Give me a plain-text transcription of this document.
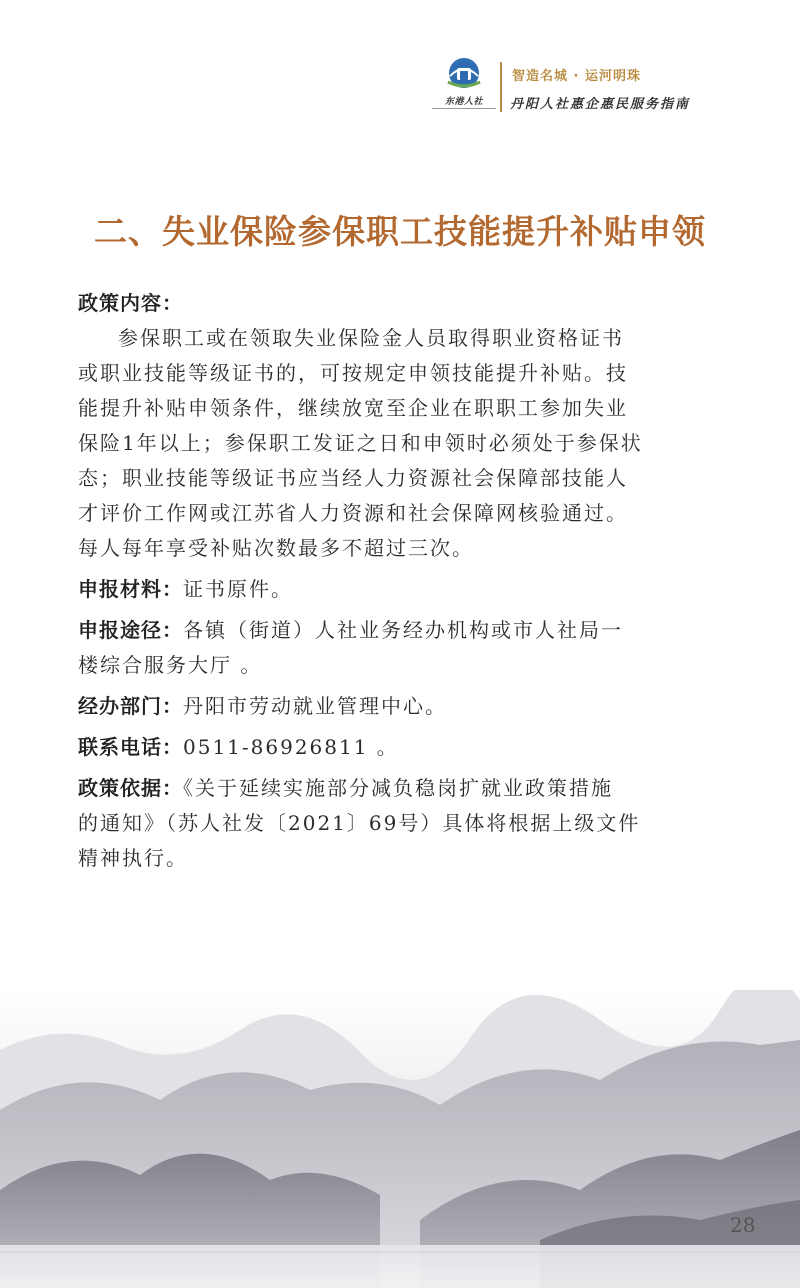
东港人社

智造名城 · 运河明珠
丹阳人社惠企惠民服务指南
二、失业保险参保职工技能提升补贴申领

政策内容：

参保职工或在领取失业保险金人员取得职业资格证书
或职业技能等级证书的，可按规定申领技能提升补贴。技
能提升补贴申领条件，继续放宽至企业在职职工参加失业
保险1年以上；参保职工发证之日和申领时必须处于参保状
态；职业技能等级证书应当经人力资源社会保障部技能人
才评价工作网或江苏省人力资源和社会保障网核验通过。
每人每年享受补贴次数最多不超过三次。

申报材料：证书原件。

申报途径：各镇（街道）人社业务经办机构或市人社局一
楼综合服务大厅 。

经办部门：丹阳市劳动就业管理中心。

联系电话：0511-86926811 。

政策依据：《关于延续实施部分减负稳岗扩就业政策措施
的通知》（苏人社发〔2021〕69号）具体将根据上级文件
精神执行。

28
